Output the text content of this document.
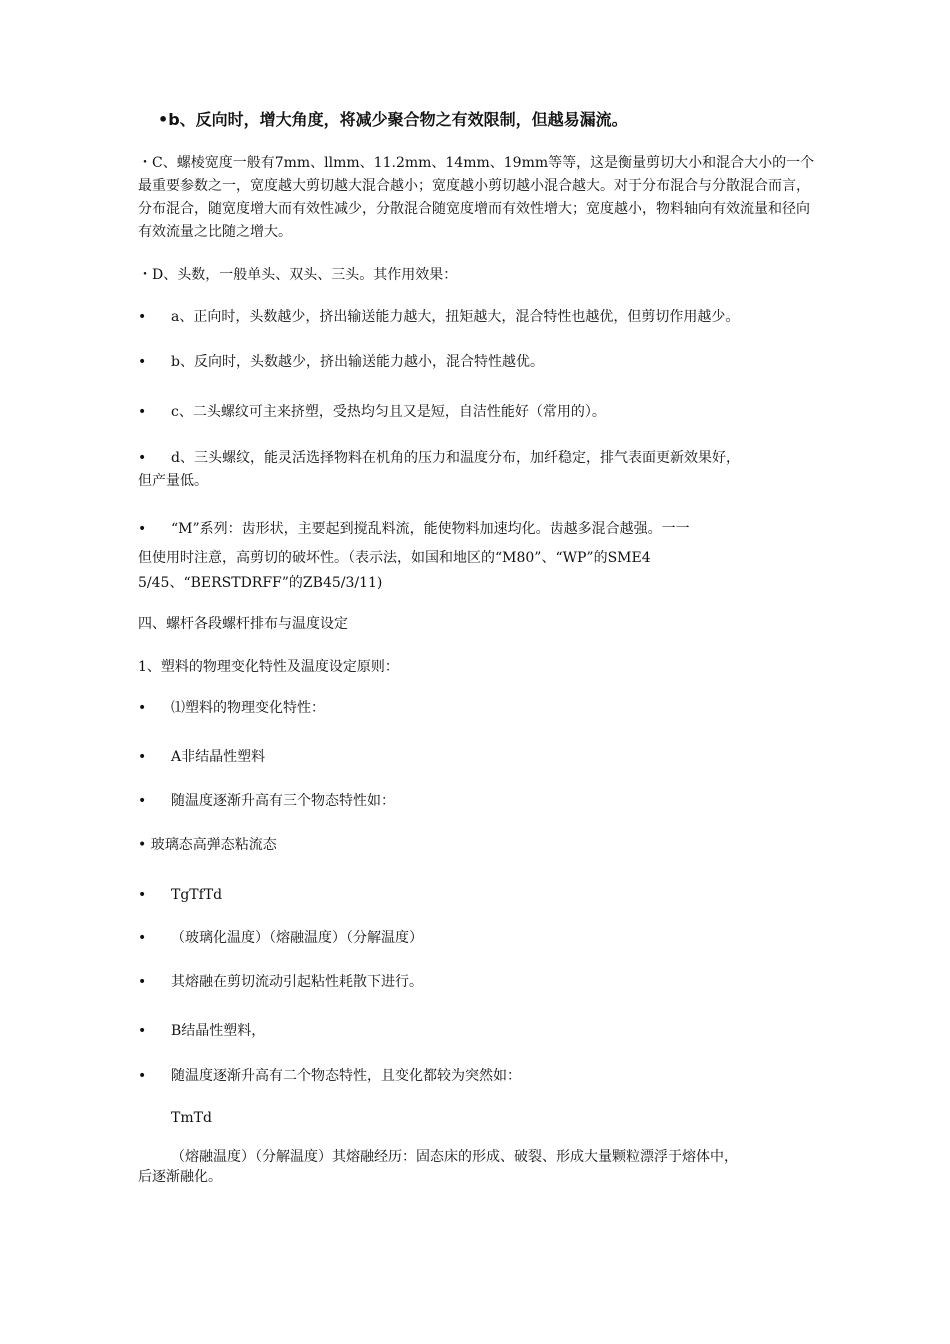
•b、反向时，增大角度，将减少聚合物之有效限制，但越易漏流。
・C、螺棱宽度一般有7mm、llmm、11.2mm、14mm、19mm等等，这是衡量剪切大小和混合大小的一个最重要参数之一，宽度越大剪切越大混合越小；宽度越小剪切越小混合越大。对于分布混合与分散混合而言，分布混合，随宽度增大而有效性减少，分散混合随宽度增而有效性增大；宽度越小，物料轴向有效流量和径向有效流量之比随之增大。
・D、头数，一般单头、双头、三头。其作用效果：
• a、正向时，头数越少，挤出输送能力越大，扭矩越大，混合特性也越优，但剪切作用越少。
• b、反向时，头数越少，挤出输送能力越小，混合特性越优。
• c、二头螺纹可主来挤塑，受热均匀且又是短，自洁性能好（常用的）。
• d、三头螺纹，能灵活选择物料在机角的压力和温度分布，加纤稳定，排气表面更新效果好，
但产量低。
• “M”系列：齿形状，主要起到搅乱料流，能使物料加速均化。齿越多混合越强。一一
但使用时注意，高剪切的破坏性。（表示法，如国和地区的“M80”、“WP”的SME4
5/45、“BERSTDRFF”的ZB45/3/11)
四、螺杆各段螺杆排布与温度设定
1、塑料的物理变化特性及温度设定原则：
• ⑴塑料的物理变化特性：
• A非结晶性塑料
• 随温度逐渐升高有三个物态特性如：
• 玻璃态高弹态粘流态
• TgTfTd
• （玻璃化温度）（熔融温度）（分解温度）
• 其熔融在剪切流动引起粘性耗散下进行。
• B结晶性塑料，
• 随温度逐渐升高有二个物态特性，且变化都较为突然如：
TmTd
（熔融温度）（分解温度）其熔融经历：固态床的形成、破裂、形成大量颗粒漂浮于熔体中，
后逐渐融化。
